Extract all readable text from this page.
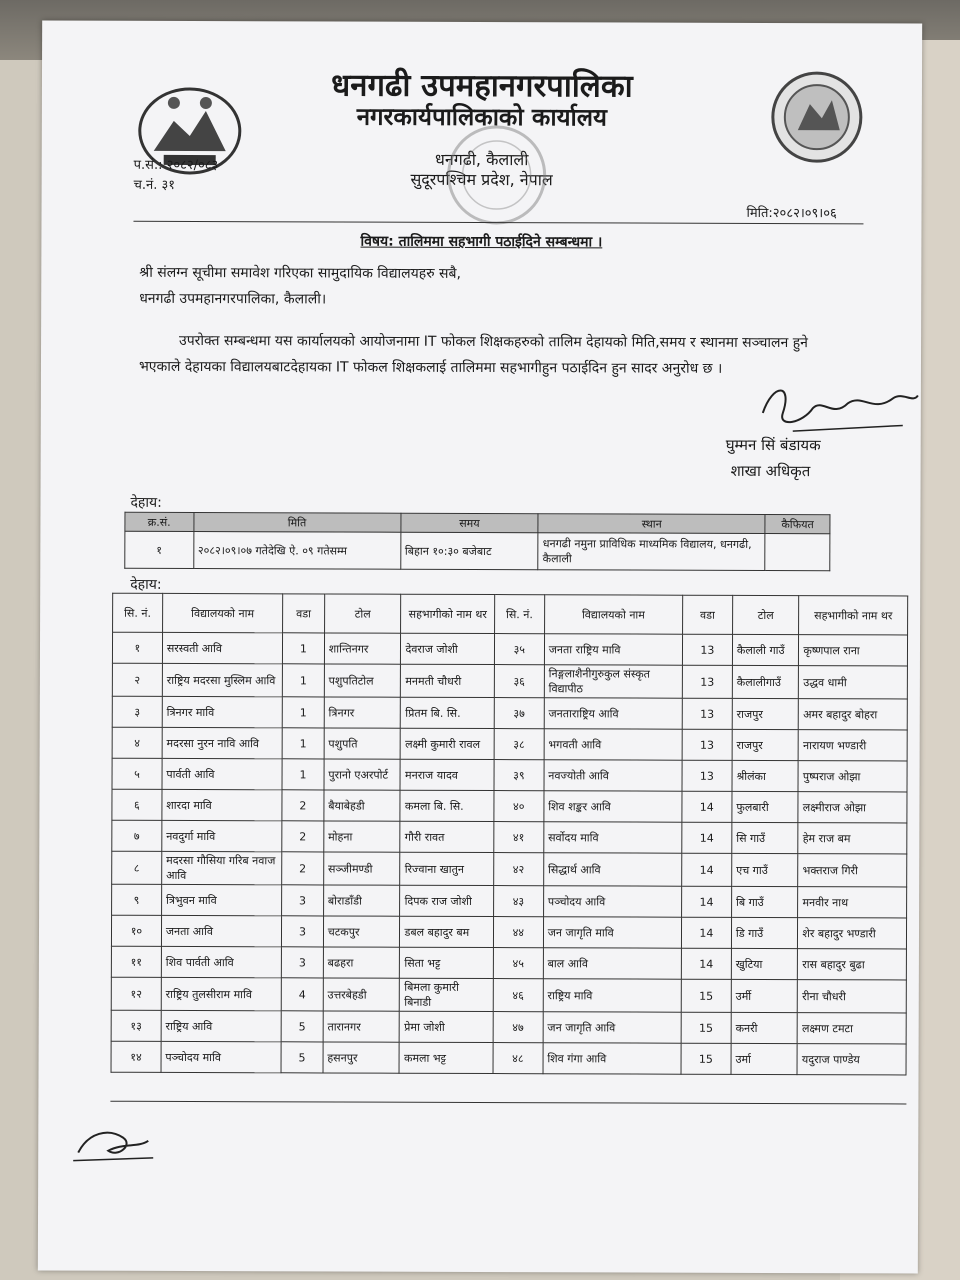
धनगढी उपमहानगरपालिका
नगरकार्यपालिकाको कार्यालय
धनगढी, कैलाली
सुदूरपश्चिम प्रदेश, नेपाल
प.सं.: २०८२/०८३
च.नं. ३१
मिति:२०८२।०९।०६
विषय: तालिममा सहभागी पठाईदिने सम्बन्धमा ।
श्री संलग्न सूचीमा समावेश गरिएका सामुदायिक विद्यालयहरु सबै,
धनगढी उपमहानगरपालिका, कैलाली।
उपरोक्त सम्बन्धमा यस कार्यालयको आयोजनामा IT फोकल शिक्षकहरुको तालिम देहायको मिति,समय र स्थानमा सञ्चालन हुने
भएकाले देहायका विद्यालयबाटदेहायका IT फोकल शिक्षकलाई तालिममा सहभागीहुन पठाईदिन हुन सादर अनुरोध छ ।
घुम्मन सिं बंडायक
शाखा अधिकृत
देहाय:
क्र.सं.	मिति	समय	स्थान	कैफियत
१	२०८२।०९।०७ गतेदेखि ऐ. ०९ गतेसम्म	बिहान १०:३० बजेबाट	धनगढी नमुना प्राविधिक माध्यमिक विद्यालय, धनगढी, कैलाली	
देहाय:
सि. नं.	विद्यालयको नाम	वडा	टोल	सहभागीको नाम थर	सि. नं.	विद्यालयको नाम	वडा	टोल	सहभागीको नाम थर
१	सरस्वती आवि	1	शान्तिनगर	देवराज जोशी	३५	जनता राष्ट्रिय मावि	13	कैलाली गाउँ	कृष्णपाल राना
२	राष्ट्रिय मदरसा मुस्लिम आवि	1	पशुपतिटोल	मनमती चौधरी	३६	निङ्गलाशैनीगुरुकुल संस्कृत विद्यापीठ	13	कैलालीगाउँ	उद्धव धामी
३	त्रिनगर मावि	1	त्रिनगर	प्रितम बि. सि.	३७	जनताराष्ट्रिय आवि	13	राजपुर	अमर बहादुर बोहरा
४	मदरसा नुरन नावि आवि	1	पशुपति	लक्ष्मी कुमारी रावल	३८	भगवती आवि	13	राजपुर	नारायण भण्डारी
५	पार्वती आवि	1	पुरानो एअरपोर्ट	मनराज यादव	३९	नवज्योती आवि	13	श्रीलंका	पुष्पराज ओझा
६	शारदा मावि	2	बैयाबेहडी	कमला बि. सि.	४०	शिव शङ्कर आवि	14	फुलबारी	लक्ष्मीराज ओझा
७	नवदुर्गा मावि	2	मोहना	गौरी रावत	४१	सर्वोदय मावि	14	सि गाउँ	हेम राज बम
८	मदरसा गौसिया गरिब नवाज आवि	2	सञ्जीमण्डी	रिज्वाना खातुन	४२	सिद्धार्थ आवि	14	एच गाउँ	भक्तराज गिरी
९	त्रिभुवन मावि	3	बोराडाँडी	दिपक राज जोशी	४३	पञ्चोदय आवि	14	बि गाउँ	मनवीर नाथ
१०	जनता आवि	3	चटकपुर	डबल बहादुर बम	४४	जन जागृति मावि	14	डि गाउँ	शेर बहादुर भण्डारी
११	शिव पार्वती आवि	3	बढहरा	सिता भट्ट	४५	बाल आवि	14	खुटिया	रास बहादुर बुढा
१२	राष्ट्रिय तुलसीराम मावि	4	उत्तरबेहडी	बिमला कुमारी बिनाडी	४६	राष्ट्रिय मावि	15	उर्मी	रीना चौधरी
१३	राष्ट्रिय आवि	5	तारानगर	प्रेमा जोशी	४७	जन जागृति आवि	15	कनरी	लक्ष्मण टमटा
१४	पञ्चोदय मावि	5	हसनपुर	कमला भट्ट	४८	शिव गंगा आवि	15	उर्मा	यदुराज पाण्डेय
